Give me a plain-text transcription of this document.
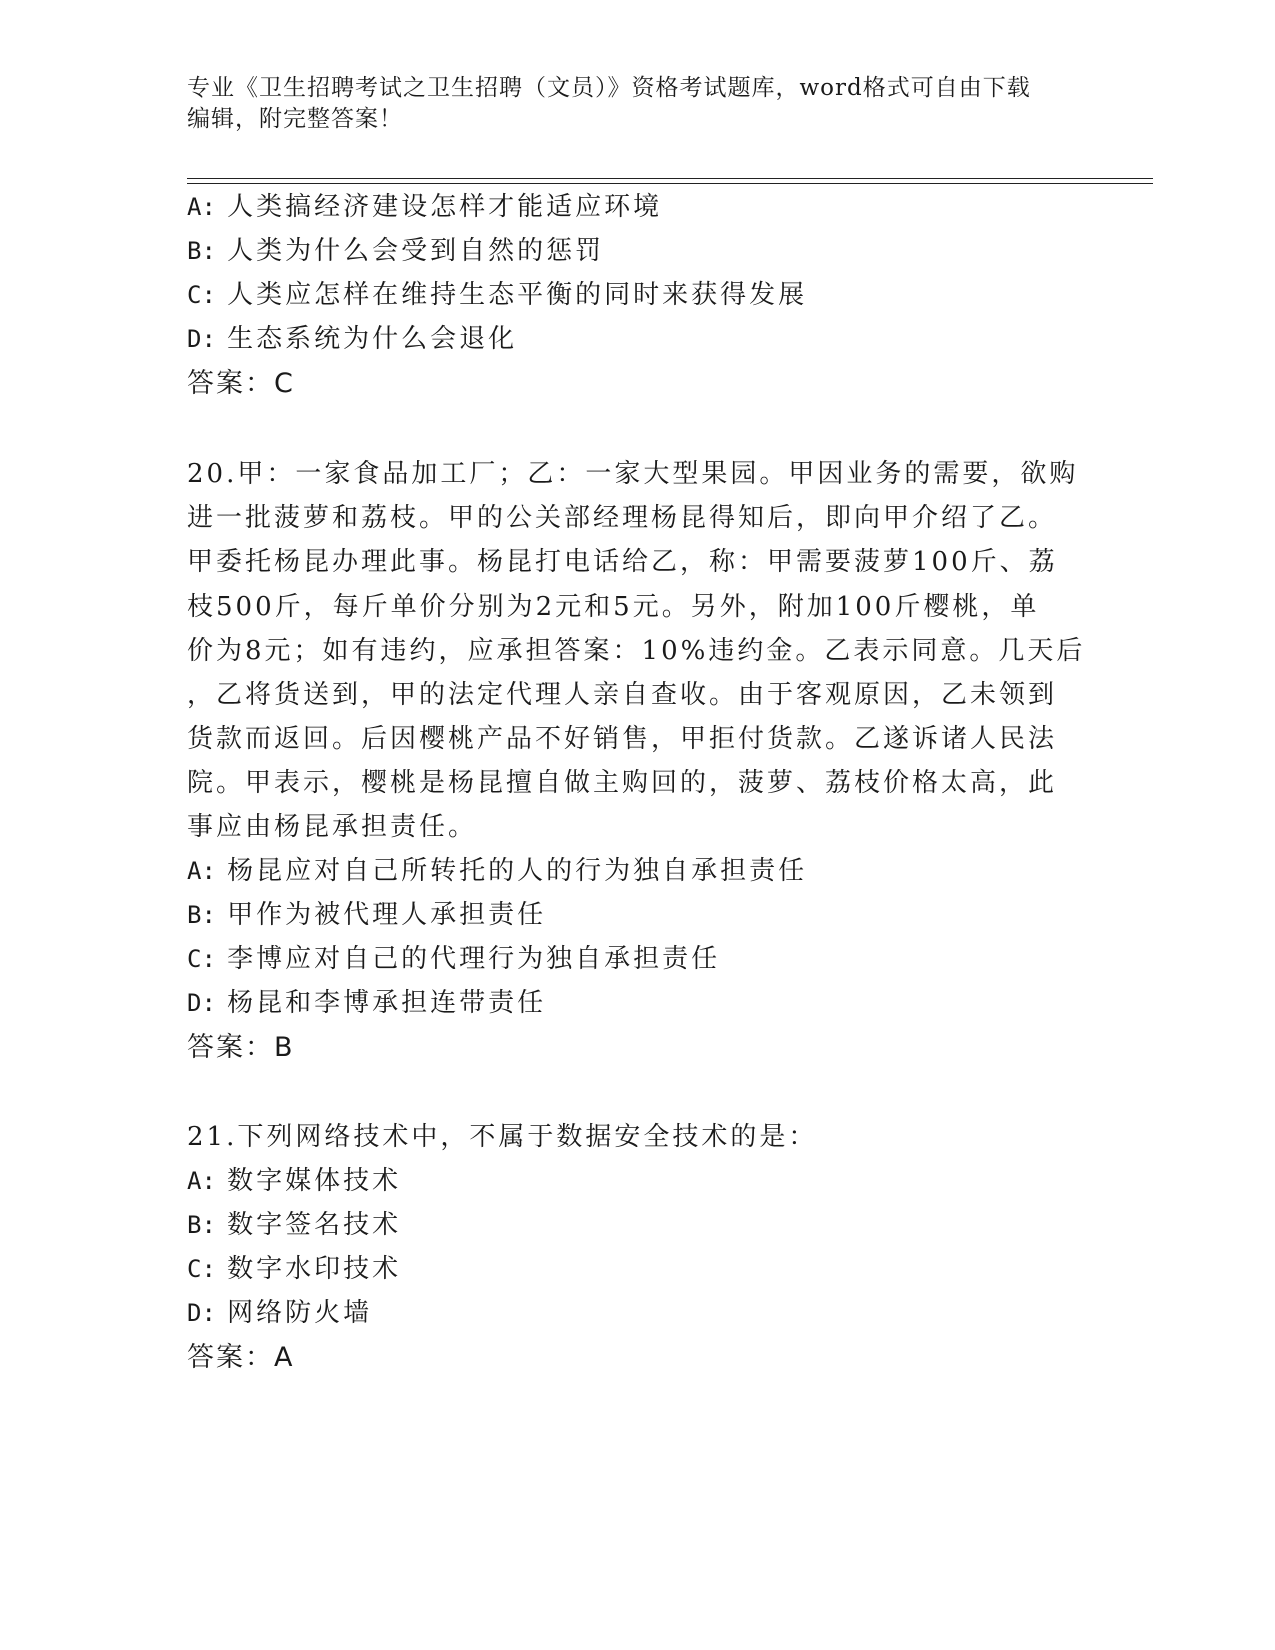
专业《卫生招聘考试之卫生招聘（文员）》资格考试题库，word格式可自由下载
编辑，附完整答案！
A: 人类搞经济建设怎样才能适应环境
B: 人类为什么会受到自然的惩罚
C: 人类应怎样在维持生态平衡的同时来获得发展
D: 生态系统为什么会退化
答案：C
20.甲：一家食品加工厂；乙：一家大型果园。甲因业务的需要，欲购
进一批菠萝和荔枝。甲的公关部经理杨昆得知后，即向甲介绍了乙。
甲委托杨昆办理此事。杨昆打电话给乙，称：甲需要菠萝100斤、荔
枝500斤，每斤单价分别为2元和5元。另外，附加100斤樱桃，单
价为8元；如有违约，应承担答案：10%违约金。乙表示同意。几天后
，乙将货送到，甲的法定代理人亲自查收。由于客观原因，乙未领到
货款而返回。后因樱桃产品不好销售，甲拒付货款。乙遂诉诸人民法
院。甲表示，樱桃是杨昆擅自做主购回的，菠萝、荔枝价格太高，此
事应由杨昆承担责任。
A: 杨昆应对自己所转托的人的行为独自承担责任
B: 甲作为被代理人承担责任
C: 李博应对自己的代理行为独自承担责任
D: 杨昆和李博承担连带责任
答案：B
21.下列网络技术中，不属于数据安全技术的是：
A: 数字媒体技术
B: 数字签名技术
C: 数字水印技术
D: 网络防火墙
答案：A
